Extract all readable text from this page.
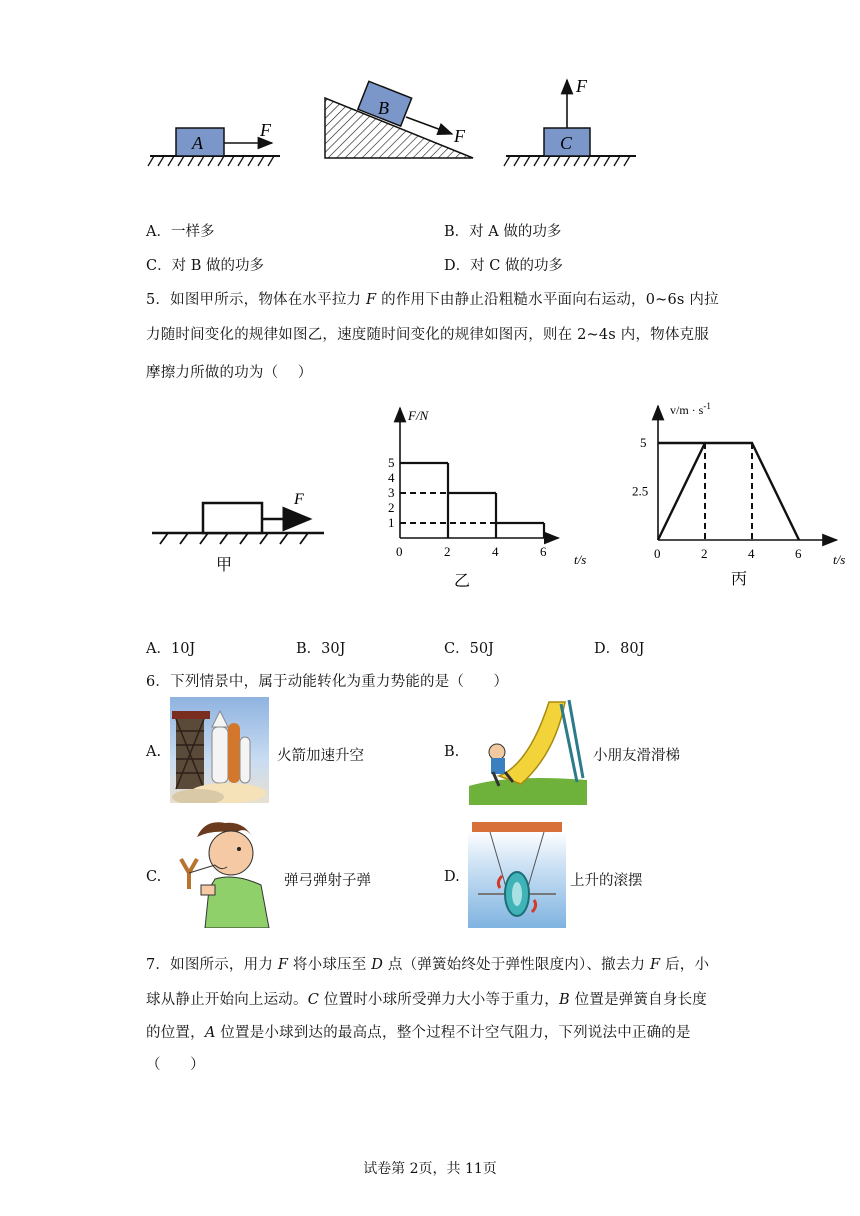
A
F
B
F	C
F
A．一样多	B．对 A 做的功多
C．对 B 做的功多	D．对 C 做的功多
5．如图甲所示，物体在水平拉力 F 的作用下由静止沿粗糙水平面向右运动，0~6s 内拉
力随时间变化的规律如图乙，速度随时间变化的规律如图丙，则在 2~4s 内，物体克服
摩擦力所做的功为（　 ）
F
甲
F/N
t/s
0	2	4	6
1
2
3
4
5
乙
$v/m \cdot s^{-1}$
t/s
0	2	4	6
2.5
5
丙
A．10J	B．30J	C．50J	D．80J
6．下列情景中，属于动能转化为重力势能的是（　　）
A.	火箭加速升空	B.	小朋友滑滑梯
C.	弹弓弹射子弹	D.	上升的滚摆
7．如图所示，用力 F 将小球压至 D 点（弹簧始终处于弹性限度内）、撤去力 F 后，小
球从静止开始向上运动。C 位置时小球所受弹力大小等于重力，B 位置是弹簧自身长度
的位置，A 位置是小球到达的最高点，整个过程不计空气阻力，下列说法中正确的是
（　　）
试卷第 2页，共 11页
